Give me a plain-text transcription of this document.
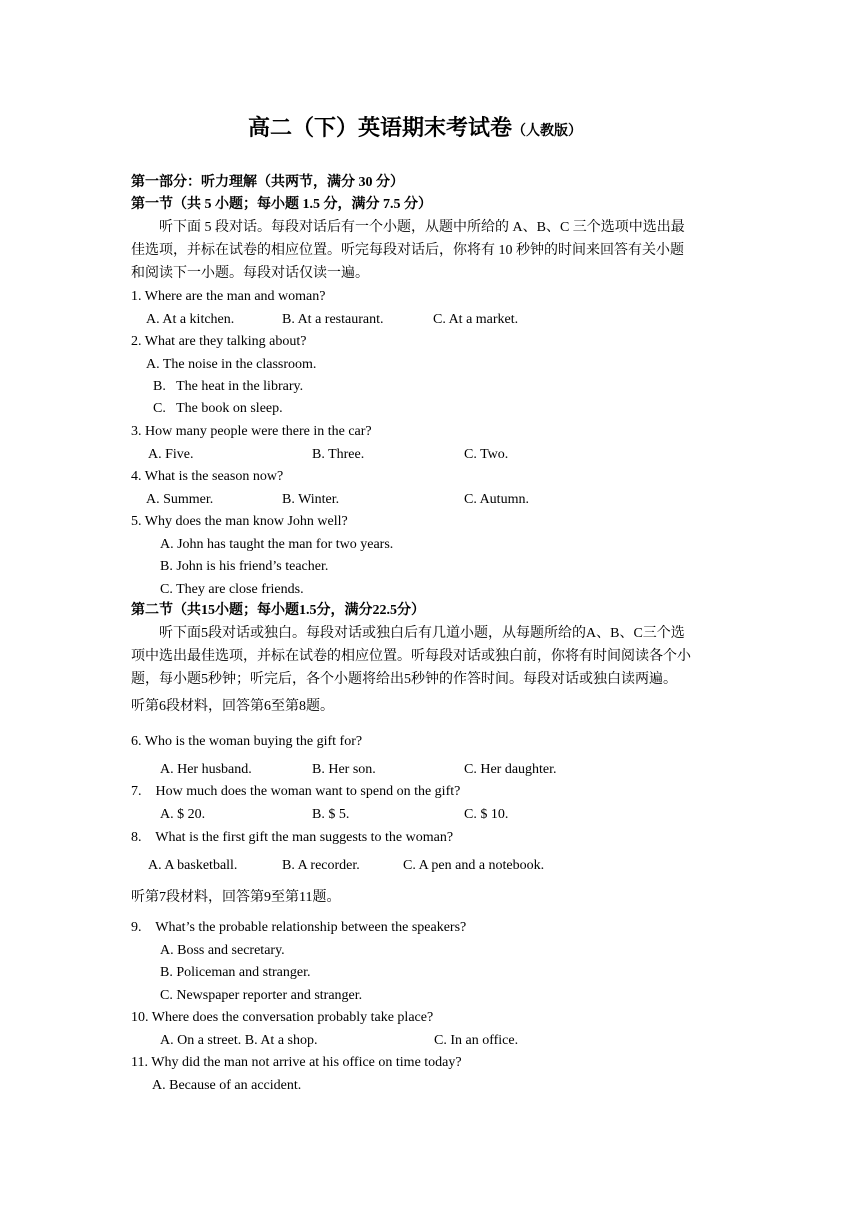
高二（下）英语期末考试卷（人教版）
第一部分：听力理解（共两节，满分 30 分）
第一节（共 5 小题；每小题 1.5 分，满分 7.5 分）
听下面 5 段对话。每段对话后有一个小题，从题中所给的 A、B、C 三个选项中选出最
佳选项，并标在试卷的相应位置。听完每段对话后，你将有 10 秒钟的时间来回答有关小题
和阅读下一小题。每段对话仅读一遍。
1. Where are the man and woman?
A. At a kitchen.	B. At a restaurant.	C. At a market.
2. What are they talking about?
A. The noise in the classroom.
B.   The heat in the library.
C.   The book on sleep.
3. How many people were there in the car?
A. Five.	B. Three.	C. Two.
4. What is the season now?
A. Summer.	B. Winter.	C. Autumn.
5. Why does the man know John well?
A. John has taught the man for two years.
B. John is his friend’s teacher.
C. They are close friends.
第二节（共15小题；每小题1.5分，满分22.5分）
听下面5段对话或独白。每段对话或独白后有几道小题，从每题所给的A、B、C三个选
项中选出最佳选项，并标在试卷的相应位置。听每段对话或独白前，你将有时间阅读各个小
题，每小题5秒钟；听完后，各个小题将给出5秒钟的作答时间。每段对话或独白读两遍。
听第6段材料，回答第6至第8题。
6. Who is the woman buying the gift for?
A. Her husband.	B. Her son.	C. Her daughter.
7.    How much does the woman want to spend on the gift?
A. $ 20.	B. $ 5.	C. $ 10.
8.    What is the first gift the man suggests to the woman?
A. A basketball.	B. A recorder.	C. A pen and a notebook.
听第7段材料，回答第9至第11题。
9.    What’s the probable relationship between the speakers?
A. Boss and secretary.
B. Policeman and stranger.
C. Newspaper reporter and stranger.
10. Where does the conversation probably take place?
A. On a street. B. At a shop.	C. In an office.
11. Why did the man not arrive at his office on time today?
A. Because of an accident.
